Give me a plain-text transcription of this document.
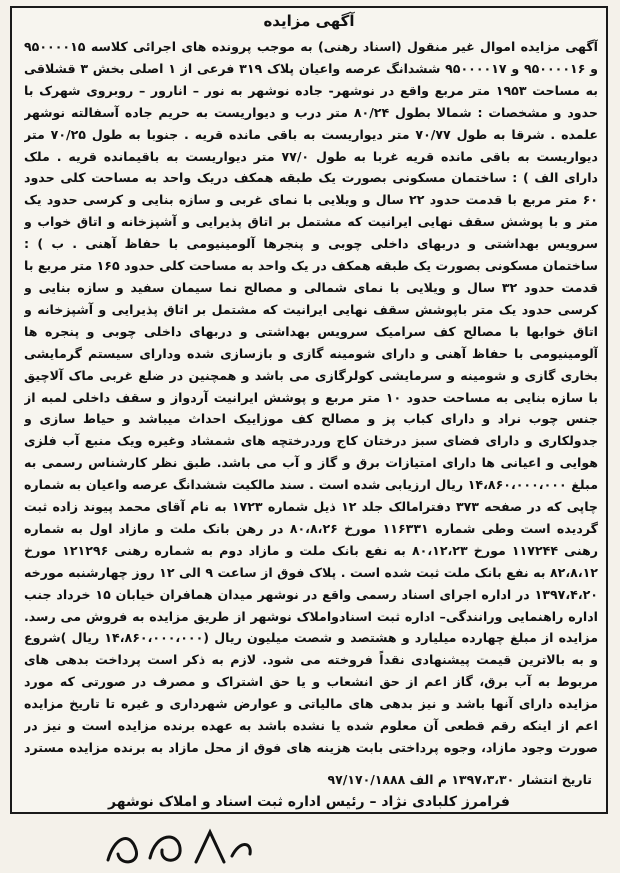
آگهی مزایده
آگهی مزایده اموال غیر منقول (اسناد رهنی) به موجب پرونده های اجرائی کلاسه ۹۵۰۰۰۰۱۵ و ۹۵۰۰۰۰۱۶ و ۹۵۰۰۰۰۱۷ ششدانگ عرصه واعیان پلاک ۳۱۹ فرعی از ۱ اصلی بخش ۳ قشلاقی به مساحت ۱۹۵۳ متر مربع واقع در نوشهر- جاده نوشهر به نور – انارور – روبروی شهرک با حدود و مشخصات : شمالا بطول ۸۰/۲۴ متر درب و دیواریست به حریم جاده آسفالته نوشهر علمده . شرقا به طول ۷۰/۷۷ متر دیواریست به باقی مانده قریه . جنوبا به طول ۷۰/۲۵ متر دیواریست به باقی مانده قریه غربا به طول ۷۷/۰ متر دیواریست به باقیمانده قریه . ملک دارای الف ) : ساختمان مسکونی بصورت یک طبقه همکف دریک واحد به مساحت کلی حدود ۶۰ متر مربع با قدمت حدود ۲۲ سال و ویلایی با نمای غربی و سازه بنایی و کرسی حدود یک متر و با پوشش سقف نهایی ایرانیت که مشتمل بر اتاق پذیرایی و آشپزخانه و اتاق خواب و سرویس بهداشتی و دربهای داخلی چوبی و پنجرها آلومینیومی با حفاظ آهنی . ب ) : ساختمان مسکونی بصورت یک طبقه همکف در یک واحد به مساحت کلی حدود ۱۶۵ متر مربع با قدمت حدود ۳۲ سال و ویلایی با نمای شمالی و مصالح نما سیمان سفید و سازه بنایی و کرسی حدود یک متر باپوشش سقف نهایی ایرانیت که مشتمل بر اتاق پذیرایی و آشپزخانه و اتاق خوابها با مصالح کف سرامیک سرویس بهداشتی و دربهای داخلی چوبی و پنجره ها آلومینیومی با حفاظ آهنی و دارای شومینه گازی و بازسازی شده ودارای سیستم گرمایشی بخاری گازی و شومینه و سرمایشی کولرگازی می باشد و همچنین در ضلع غربی ماک آلاچیق با سازه بنایی به مساحت حدود ۱۰ متر مربع و پوشش ایرانیت آردواز و سقف داخلی لمبه از جنس چوب نراد و دارای کباب پز و مصالح کف موزاییک احداث میباشد و حیاط سازی و جدولکاری و دارای فضای سبز درختان کاج وردرختچه های شمشاد وغیره ویک منبع آب فلزی هوایی و اعیانی ها دارای امتیازات برق و گاز و آب می باشد. طبق نظر کارشناس رسمی به مبلغ ۱۴،۸۶۰،۰۰۰،۰۰۰ ریال ارزیابی شده است . سند مالکیت ششدانگ عرصه واعیان به شماره چاپی که در صفحه ۳۷۳ دفترامالک جلد ۱۲ ذیل شماره ۱۷۲۳ به نام آقای محمد پیوند زاده ثبت گردیده است وطی شماره ۱۱۶۳۳۱ مورخ ۸۰،۸،۲۶ در رهن بانک ملت و مازاد اول به شماره رهنی ۱۱۷۲۴۴ مورخ ۸۰،۱۲،۲۳ به نفع بانک ملت و مازاد دوم به شماره رهنی ۱۲۱۲۹۶ مورخ ۸۲،۸،۱۲ به نفع بانک ملت ثبت شده است . پلاک فوق از ساعت ۹ الی ۱۲ روز چهارشنبه مورخه ۱۳۹۷،۴،۲۰ در اداره اجرای اسناد رسمی واقع در نوشهر میدان همافران خیابان ۱۵ خرداد جنب اداره راهنمایی ورانندگی– اداره ثبت اسنادواملاک نوشهر از طریق مزایده به فروش می رسد. مزایده از مبلغ چهارده میلیارد و هشتصد و شصت میلیون ریال (۱۴،۸۶۰،۰۰۰،۰۰۰ ریال )شروع و به بالاترین قیمت پیشنهادی نقداً فروخته می شود. لازم به ذکر است پرداخت بدهی های مربوط به آب برق، گاز اعم از حق انشعاب و یا حق اشتراک و مصرف در صورتی که مورد مزایده دارای آنها باشد و نیز بدهی های مالیاتی و عوارض شهرداری و غیره تا تاریخ مزایده اعم از اینکه رقم قطعی آن معلوم شده یا نشده باشد به عهده برنده مزایده است و نیز در صورت وجود مازاد، وجوه پرداختی بابت هزینه های فوق از محل مازاد به برنده مزایده مسترد
تاریخ انتشار ۱۳۹۷،۳،۳۰ م الف ۹۷/۱۷۰/۱۸۸۸
فرامرز کلبادی نژاد – رئیس اداره ثبت اسناد و املاک نوشهر
